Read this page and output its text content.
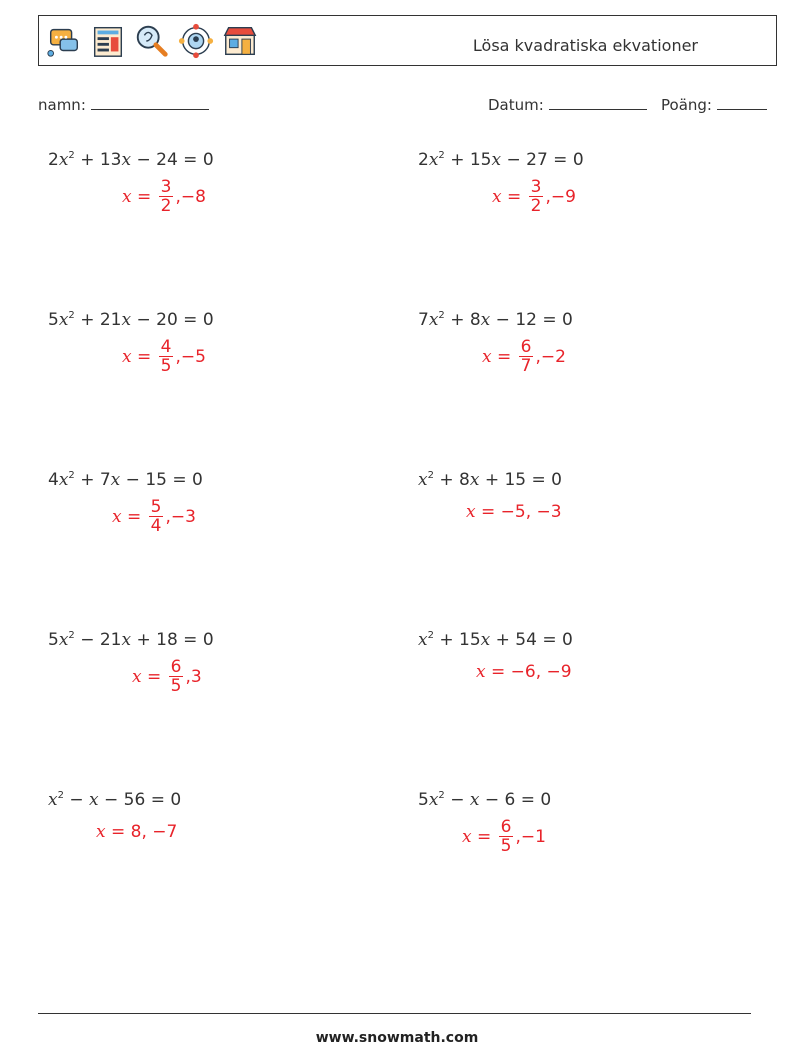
Lösa kvadratiska ekvationer
namn:	Datum:	Poäng:
$2x^2 + 13x - 24 = 0$
$x = \frac{3}{2} ,-8$
$2x^2 + 15x - 27 = 0$
$x = \frac{3}{2} ,-9$
$5x^2 + 21x - 20 = 0$
$x = \frac{4}{5} ,-5$
$7x^2 + 8x - 12 = 0$
$x = \frac{6}{7} ,-2$
$4x^2 + 7x - 15 = 0$
$x = \frac{5}{4} ,-3$
$x^2 + 8x + 15 = 0$
x = −5, −3
$5x^2 - 21x + 18 = 0$
$x = \frac{6}{5} ,3$
$x^2 + 15x + 54 = 0$
x = −6, −9
$x^2 - x - 56 = 0$
x = 8, −7
$5x^2 - x - 6 = 0$
$x = \frac{6}{5} ,-1$
www.snowmath.com
